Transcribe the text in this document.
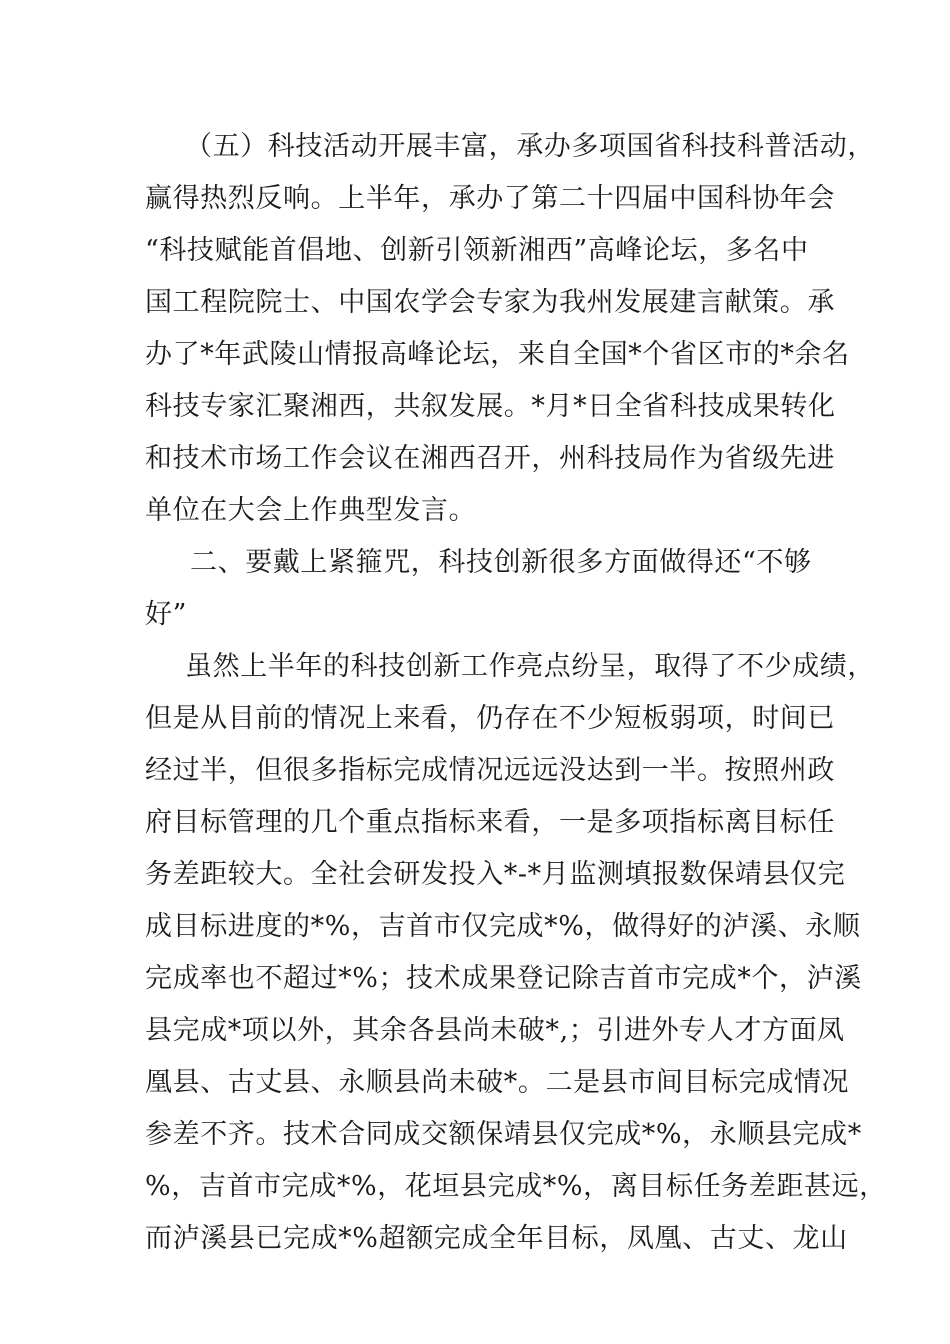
（五）科技活动开展丰富，承办多项国省科技科普活动，
赢得热烈反响。上半年，承办了第二十四届中国科协年会
“科技赋能首倡地、创新引领新湘西”高峰论坛，多名中
国工程院院士、中国农学会专家为我州发展建言献策。承
办了*年武陵山情报高峰论坛，来自全国*个省区市的*余名
科技专家汇聚湘西，共叙发展。*月*日全省科技成果转化
和技术市场工作会议在湘西召开，州科技局作为省级先进
单位在大会上作典型发言。
二、要戴上紧箍咒，科技创新很多方面做得还“不够
好”
虽然上半年的科技创新工作亮点纷呈，取得了不少成绩，
但是从目前的情况上来看，仍存在不少短板弱项，时间已
经过半，但很多指标完成情况远远没达到一半。按照州政
府目标管理的几个重点指标来看，一是多项指标离目标任
务差距较大。全社会研发投入*-*月监测填报数保靖县仅完
成目标进度的*%，吉首市仅完成*%，做得好的泸溪、永顺
完成率也不超过*%；技术成果登记除吉首市完成*个，泸溪
县完成*项以外，其余各县尚未破*,；引进外专人才方面凤
凰县、古丈县、永顺县尚未破*。二是县市间目标完成情况
参差不齐。技术合同成交额保靖县仅完成*%，永顺县完成*
%，吉首市完成*%，花垣县完成*%，离目标任务差距甚远，
而泸溪县已完成*%超额完成全年目标，凤凰、古丈、龙山
